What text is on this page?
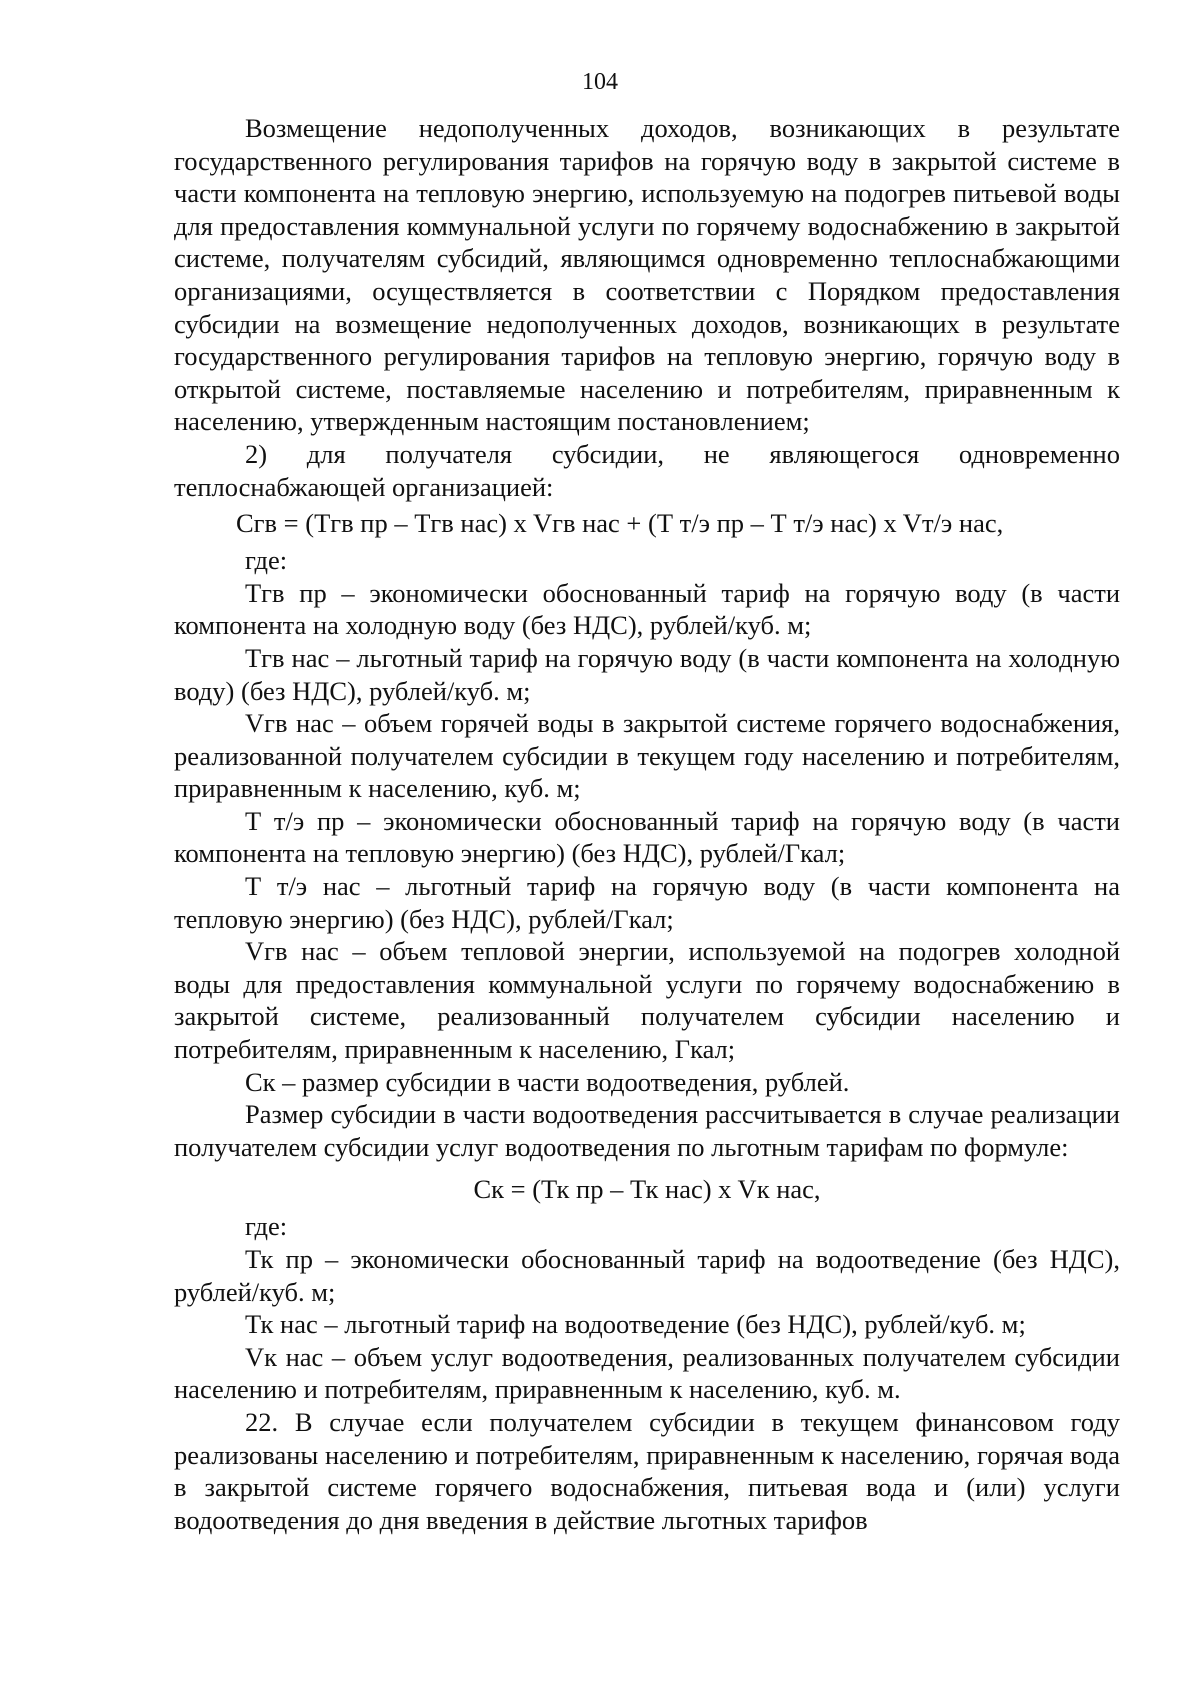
104

Возмещение недополученных доходов, возникающих в результате государственного регулирования тарифов на горячую воду в закрытой системе в части компонента на тепловую энергию, используемую на подогрев питьевой воды для предоставления коммунальной услуги по горячему водоснабжению в закрытой системе, получателям субсидий, являющимся одновременно теплоснабжающими организациями, осуществляется в соответствии с Порядком предоставления субсидии на возмещение недополученных доходов, возникающих в результате государственного регулирования тарифов на тепловую энергию, горячую воду в открытой системе, поставляемые населению и потребителям, приравненным к населению, утвержденным настоящим постановлением;

2) для получателя субсидии, не являющегося одновременно теплоснабжающей организацией:

Сгв = (Тгв пр – Тгв нас) x Vгв нас + (Т т/э пр – Т т/э нас) x Vт/э нас,

где:

Тгв пр – экономически обоснованный тариф на горячую воду (в части компонента на холодную воду (без НДС), рублей/куб. м;

Тгв нас – льготный тариф на горячую воду (в части компонента на холодную воду) (без НДС), рублей/куб. м;

Vгв нас – объем горячей воды в закрытой системе горячего водоснабжения, реализованной получателем субсидии в текущем году населению и потребителям, приравненным к населению, куб. м;

Т т/э пр – экономически обоснованный тариф на горячую воду (в части компонента на тепловую энергию) (без НДС), рублей/Гкал;

Т т/э нас – льготный тариф на горячую воду (в части компонента на тепловую энергию) (без НДС), рублей/Гкал;

Vгв нас – объем тепловой энергии, используемой на подогрев холодной воды для предоставления коммунальной услуги по горячему водоснабжению в закрытой системе, реализованный получателем субсидии населению и потребителям, приравненным к населению, Гкал;

Ск – размер субсидии в части водоотведения, рублей.

Размер субсидии в части водоотведения рассчитывается в случае реализации получателем субсидии услуг водоотведения по льготным тарифам по формуле:

Ск = (Тк пр – Тк нас) x Vк нас,

где:

Тк пр – экономически обоснованный тариф на водоотведение (без НДС), рублей/куб. м;

Тк нас – льготный тариф на водоотведение (без НДС), рублей/куб. м;

Vк нас – объем услуг водоотведения, реализованных получателем субсидии населению и потребителям, приравненным к населению, куб. м.

22. В случае если получателем субсидии в текущем финансовом году реализованы населению и потребителям, приравненным к населению, горячая вода в закрытой системе горячего водоснабжения, питьевая вода и (или) услуги водоотведения до дня введения в действие льготных тарифов
